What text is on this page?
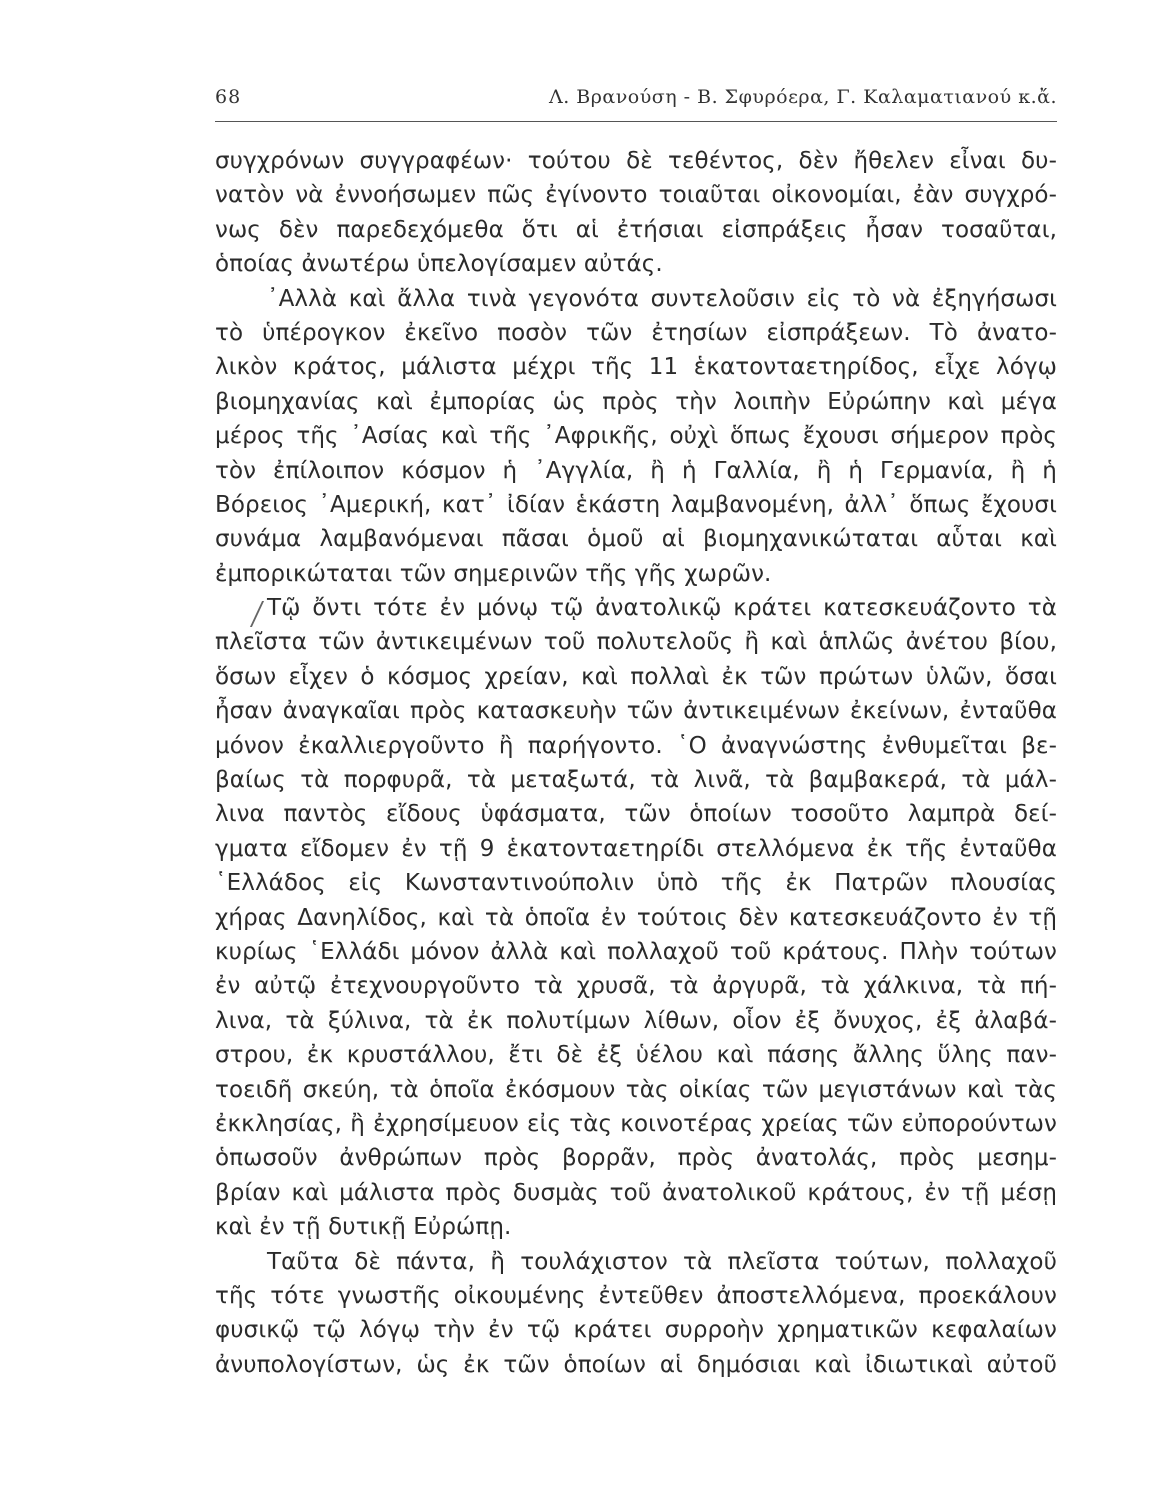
68	Λ. Βρανούση - Β. Σφυρόερα, Γ. Καλαματιανού κ.ἄ.
συγχρόνων συγγραφέων· τούτου δὲ τεθέντος, δὲν ἤθελεν εἶναι δυ-
νατὸν νὰ ἐννοήσωμεν πῶς ἐγίνοντο τοιαῦται οἰκονομίαι, ἐὰν συγχρό-
νως δὲν παρεδεχόμεθα ὅτι αἱ ἐτήσιαι εἰσπράξεις ἦσαν τοσαῦται,
ὁποίας ἀνωτέρω ὑπελογίσαμεν αὐτάς.
᾿Αλλὰ καὶ ἄλλα τινὰ γεγονότα συντελοῦσιν εἰς τὸ νὰ ἐξηγήσωσι
τὸ ὑπέρογκον ἐκεῖνο ποσὸν τῶν ἐτησίων εἰσπράξεων. Τὸ ἀνατο-
λικὸν κράτος, μάλιστα μέχρι τῆς 11 ἑκατονταετηρίδος, εἶχε λόγῳ
βιομηχανίας καὶ ἐμπορίας ὡς πρὸς τὴν λοιπὴν Εὐρώπην καὶ μέγα
μέρος τῆς ᾿Ασίας καὶ τῆς ᾿Αφρικῆς, οὐχὶ ὅπως ἔχουσι σήμερον πρὸς
τὸν ἐπίλοιπον κόσμον ἡ ᾿Αγγλία, ἢ ἡ Γαλλία, ἢ ἡ Γερμανία, ἢ ἡ
Βόρειος ᾿Αμερική, κατ᾿ ἰδίαν ἑκάστη λαμβανομένη, ἀλλ᾿ ὅπως ἔχουσι
συνάμα λαμβανόμεναι πᾶσαι ὁμοῦ αἱ βιομηχανικώταται αὗται καὶ
ἐμπορικώταται τῶν σημερινῶν τῆς γῆς χωρῶν.
Τῷ ὄντι τότε ἐν μόνῳ τῷ ἀνατολικῷ κράτει κατεσκευάζοντο τὰ
πλεῖστα τῶν ἀντικειμένων τοῦ πολυτελοῦς ἢ καὶ ἁπλῶς ἀνέτου βίου,
ὅσων εἶχεν ὁ κόσμος χρείαν, καὶ πολλαὶ ἐκ τῶν πρώτων ὑλῶν, ὅσαι
ἦσαν ἀναγκαῖαι πρὸς κατασκευὴν τῶν ἀντικειμένων ἐκείνων, ἐνταῦθα
μόνον ἐκαλλιεργοῦντο ἢ παρήγοντο. ῾Ο ἀναγνώστης ἐνθυμεῖται βε-
βαίως τὰ πορφυρᾶ, τὰ μεταξωτά, τὰ λινᾶ, τὰ βαμβακερά, τὰ μάλ-
λινα παντὸς εἴδους ὑφάσματα, τῶν ὁποίων τοσοῦτο λαμπρὰ δεί-
γματα εἴδομεν ἐν τῇ 9 ἑκατονταετηρίδι στελλόμενα ἐκ τῆς ἐνταῦθα
῾Ελλάδος εἰς Κωνσταντινούπολιν ὑπὸ τῆς ἐκ Πατρῶν πλουσίας
χήρας Δανηλίδος, καὶ τὰ ὁποῖα ἐν τούτοις δὲν κατεσκευάζοντο ἐν τῇ
κυρίως ῾Ελλάδι μόνον ἀλλὰ καὶ πολλαχοῦ τοῦ κράτους. Πλὴν τούτων
ἐν αὐτῷ ἐτεχνουργοῦντο τὰ χρυσᾶ, τὰ ἀργυρᾶ, τὰ χάλκινα, τὰ πή-
λινα, τὰ ξύλινα, τὰ ἐκ πολυτίμων λίθων, οἷον ἐξ ὄνυχος, ἐξ ἀλαβά-
στρου, ἐκ κρυστάλλου, ἔτι δὲ ἐξ ὑέλου καὶ πάσης ἄλλης ὕλης παν-
τοειδῆ σκεύη, τὰ ὁποῖα ἐκόσμουν τὰς οἰκίας τῶν μεγιστάνων καὶ τὰς
ἐκκλησίας, ἢ ἐχρησίμευον εἰς τὰς κοινοτέρας χρείας τῶν εὐπορούντων
ὁπωσοῦν ἀνθρώπων πρὸς βορρᾶν, πρὸς ἀνατολάς, πρὸς μεσημ-
βρίαν καὶ μάλιστα πρὸς δυσμὰς τοῦ ἀνατολικοῦ κράτους, ἐν τῇ μέσῃ
καὶ ἐν τῇ δυτικῇ Εὐρώπῃ.
Ταῦτα δὲ πάντα, ἢ τουλάχιστον τὰ πλεῖστα τούτων, πολλαχοῦ
τῆς τότε γνωστῆς οἰκουμένης ἐντεῦθεν ἀποστελλόμενα, προεκάλουν
φυσικῷ τῷ λόγῳ τὴν ἐν τῷ κράτει συρροὴν χρηματικῶν κεφαλαίων
ἀνυπολογίστων, ὡς ἐκ τῶν ὁποίων αἱ δημόσιαι καὶ ἰδιωτικαὶ αὐτοῦ
